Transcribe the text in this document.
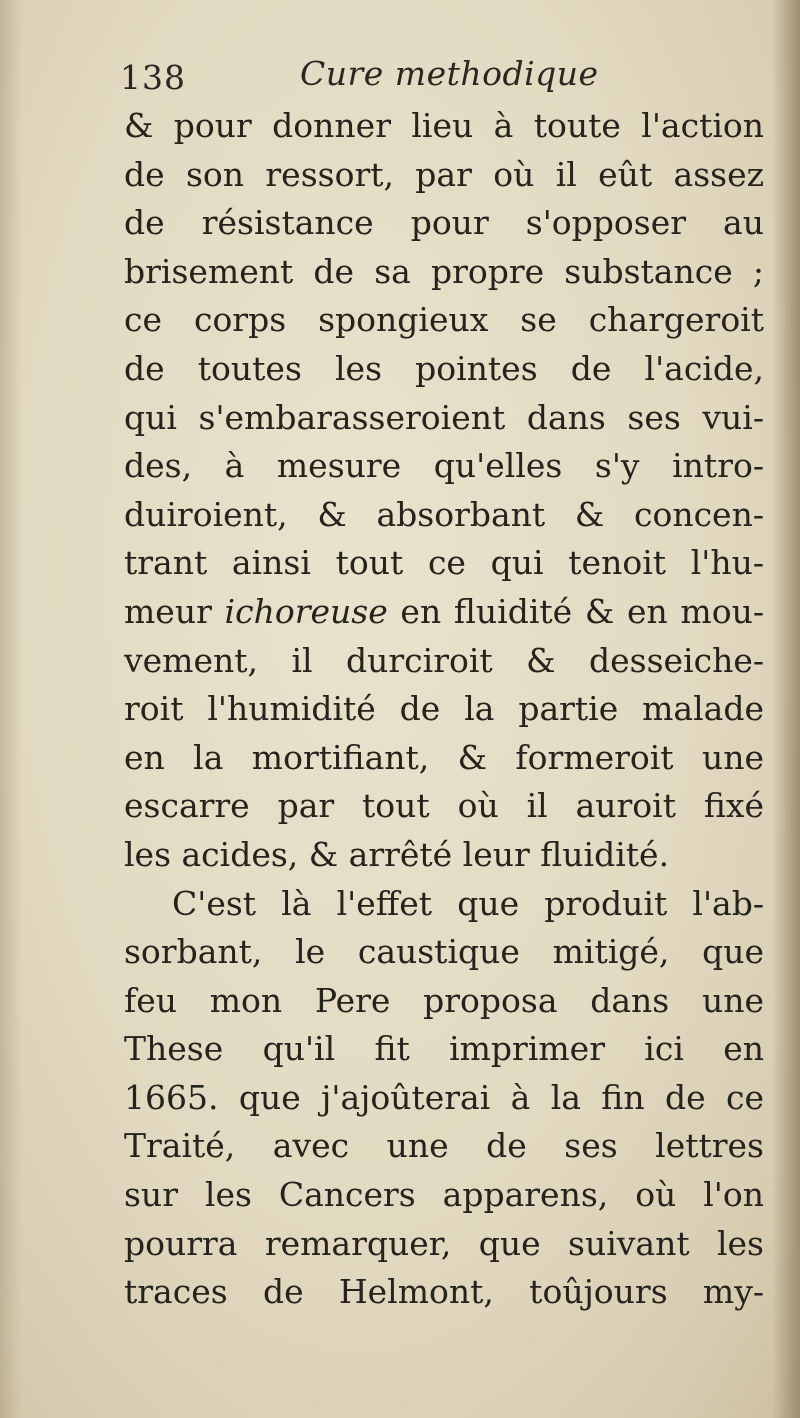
138	Cure methodique
& pour donner lieu à toute l'action
de son ressort, par où il eût assez
de résistance pour s'opposer au
brisement de sa propre substance ;
ce corps spongieux se chargeroit
de toutes les pointes de l'acide,
qui s'embarasseroient dans ses vui-
des, à mesure qu'elles s'y intro-
duiroient, & absorbant & concen-
trant ainsi tout ce qui tenoit l'hu-
meur ichoreuse en fluidité & en mou-
vement, il durciroit & desseiche-
roit l'humidité de la partie malade
en la mortifiant, & formeroit une
escarre par tout où il auroit fixé
les acides, & arrêté leur fluidité.
C'est là l'effet que produit l'ab-
sorbant, le caustique mitigé, que
feu mon Pere proposa dans une
These qu'il fit imprimer ici en
1665. que j'ajoûterai à la fin de ce
Traité, avec une de ses lettres
sur les Cancers apparens, où l'on
pourra remarquer, que suivant les
traces de Helmont, toûjours my-
